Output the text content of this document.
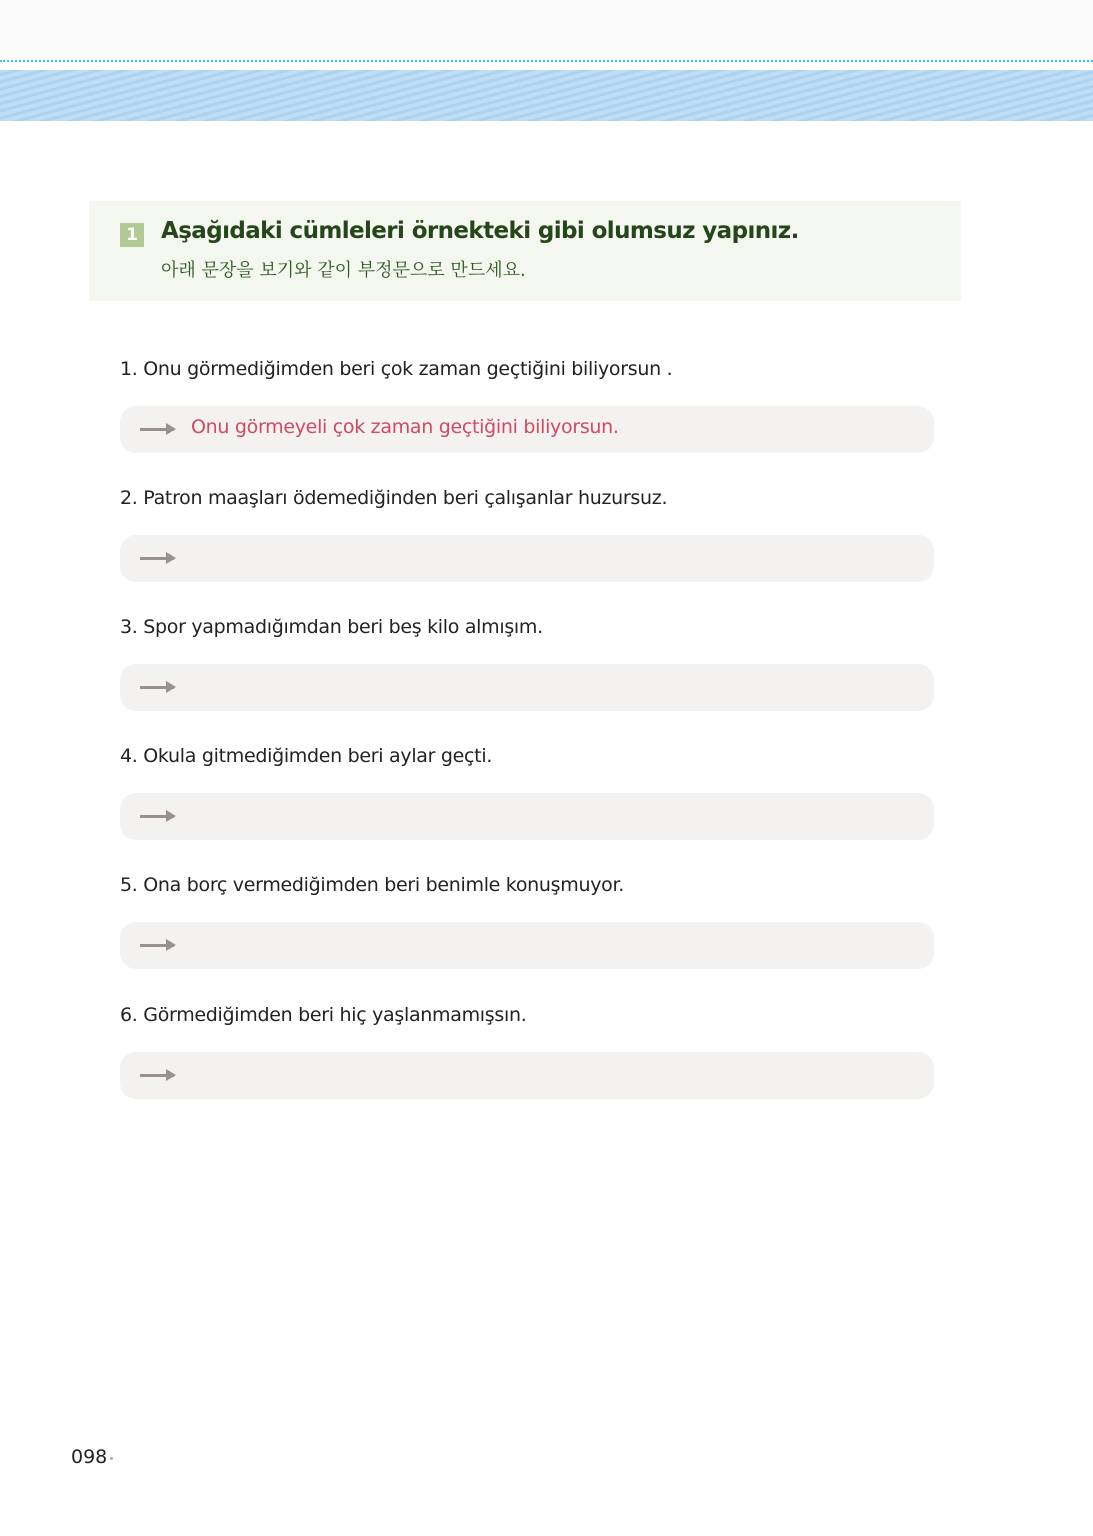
1 Aşağıdaki cümleleri örnekteki gibi olumsuz yapınız.
아래 문장을 보기와 같이 부정문으로 만드세요.
1. Onu görmediğimden beri çok zaman geçtiğini biliyorsun .
Onu görmeyeli çok zaman geçtiğini biliyorsun.
2. Patron maaşları ödemediğinden beri çalışanlar huzursuz.
3. Spor yapmadığımdan beri beş kilo almışım.
4. Okula gitmediğimden beri aylar geçti.
5. Ona borç vermediğimden beri benimle konuşmuyor.
6. Görmediğimden beri hiç yaşlanmamışsın.
098
